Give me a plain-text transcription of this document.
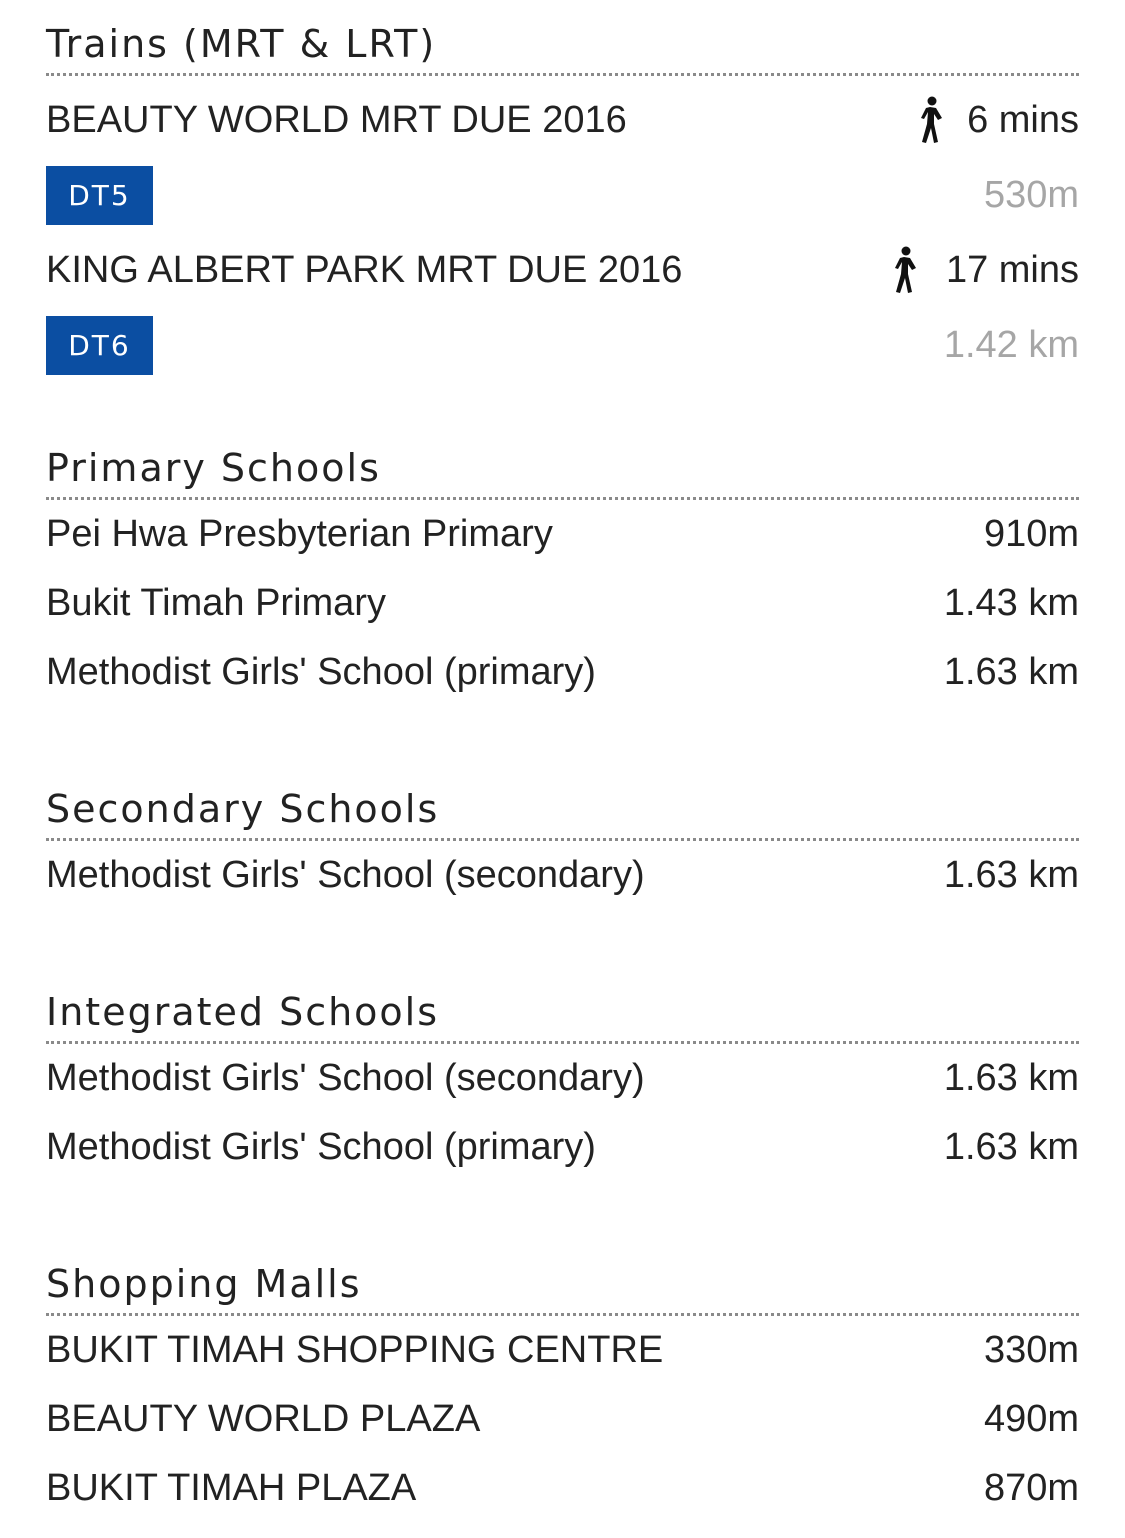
Trains (MRT & LRT)
BEAUTY WORLD MRT DUE 2016	6 mins
DT5	530m
KING ALBERT PARK MRT DUE 2016	17 mins
DT6	1.42 km
Primary Schools
Pei Hwa Presbyterian Primary	910m
Bukit Timah Primary	1.43 km
Methodist Girls' School (primary)	1.63 km
Secondary Schools
Methodist Girls' School (secondary)	1.63 km
Integrated Schools
Methodist Girls' School (secondary)	1.63 km
Methodist Girls' School (primary)	1.63 km
Shopping Malls
BUKIT TIMAH SHOPPING CENTRE	330m
BEAUTY WORLD PLAZA	490m
BUKIT TIMAH PLAZA	870m
